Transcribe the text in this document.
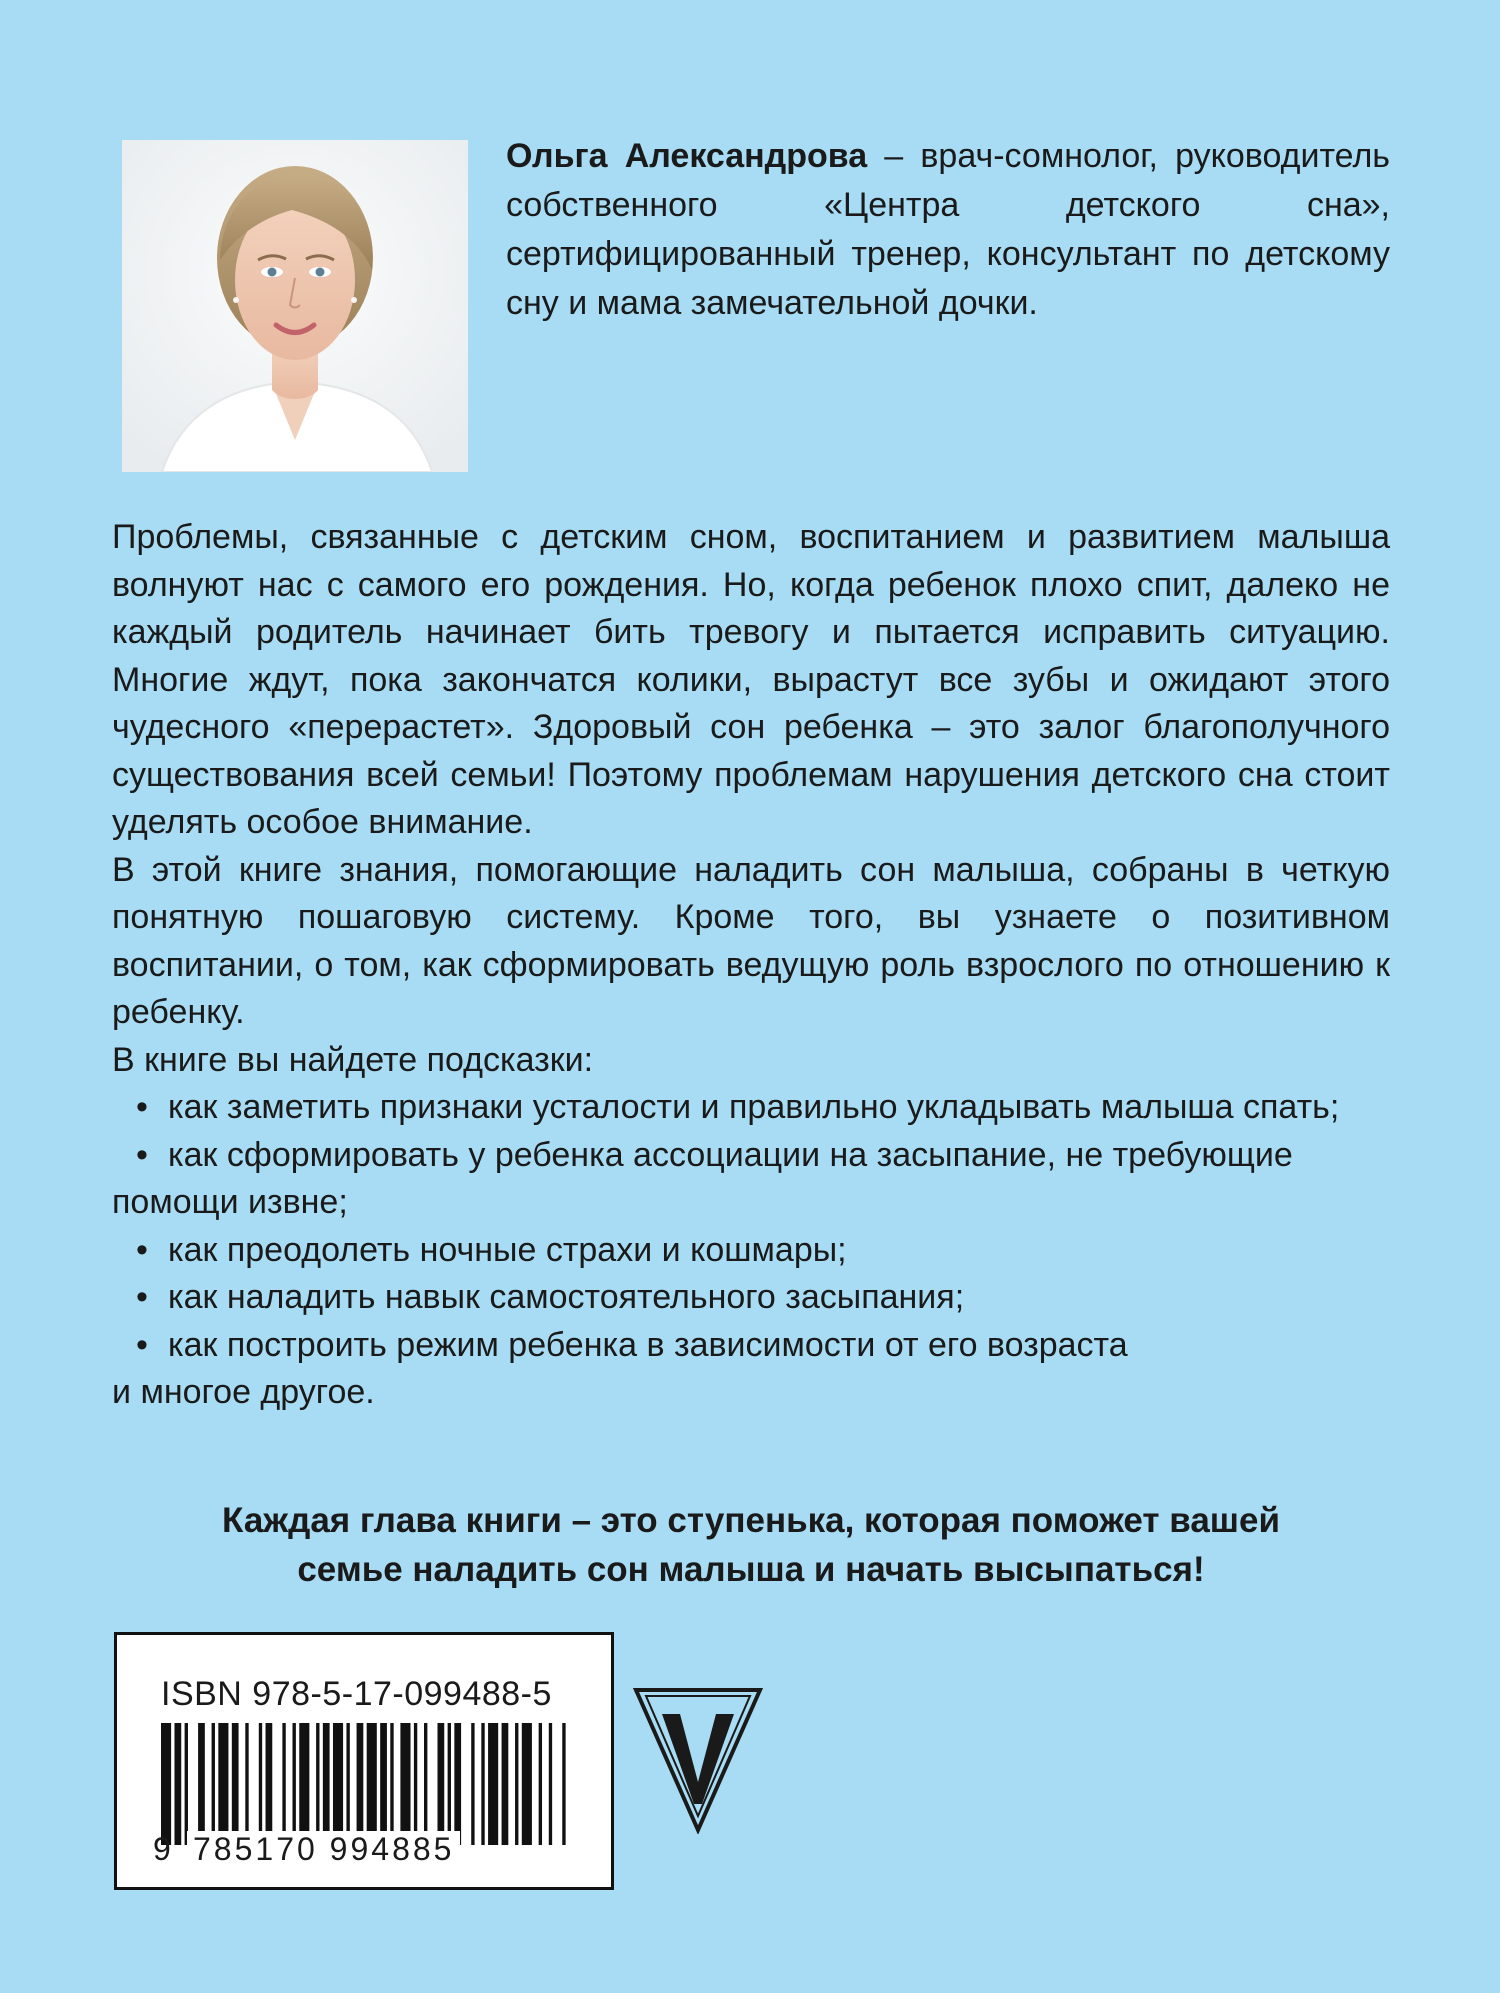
Ольга Александрова – врач-сомнолог, руководитель собственного «Центра детского сна», сертифицированный тренер, консультант по детскому сну и мама замечательной дочки.

Проблемы, связанные с детским сном, воспитанием и развитием малыша волнуют нас с самого его рождения. Но, когда ребенок плохо спит, далеко не каждый родитель начинает бить тревогу и пытается исправить ситуацию. Многие ждут, пока закончатся колики, вырастут все зубы и ожидают этого чудесного «перерастет». Здоровый сон ребенка – это залог благополучного существования всей семьи! Поэтому проблемам нарушения детского сна стоит уделять особое внимание.

В этой книге знания, помогающие наладить сон малыша, собраны в четкую понятную пошаговую систему. Кроме того, вы узнаете о позитивном воспитании, о том, как сформировать ведущую роль взрослого по отношению к ребенку.

В книге вы найдете подсказки:

• как заметить признаки усталости и правильно укладывать малыша спать;
• как сформировать у ребенка ассоциации на засыпание, не требующие помощи извне;
• как преодолеть ночные страхи и кошмары;
• как наладить навык самостоятельного засыпания;
• как построить режим ребенка в зависимости от его возраста

и многое другое.

Каждая глава книги – это ступенька, которая поможет вашей
семье наладить сон малыша и начать высыпаться!
ISBN 978-5-17-099488-5
9 785170 994885
